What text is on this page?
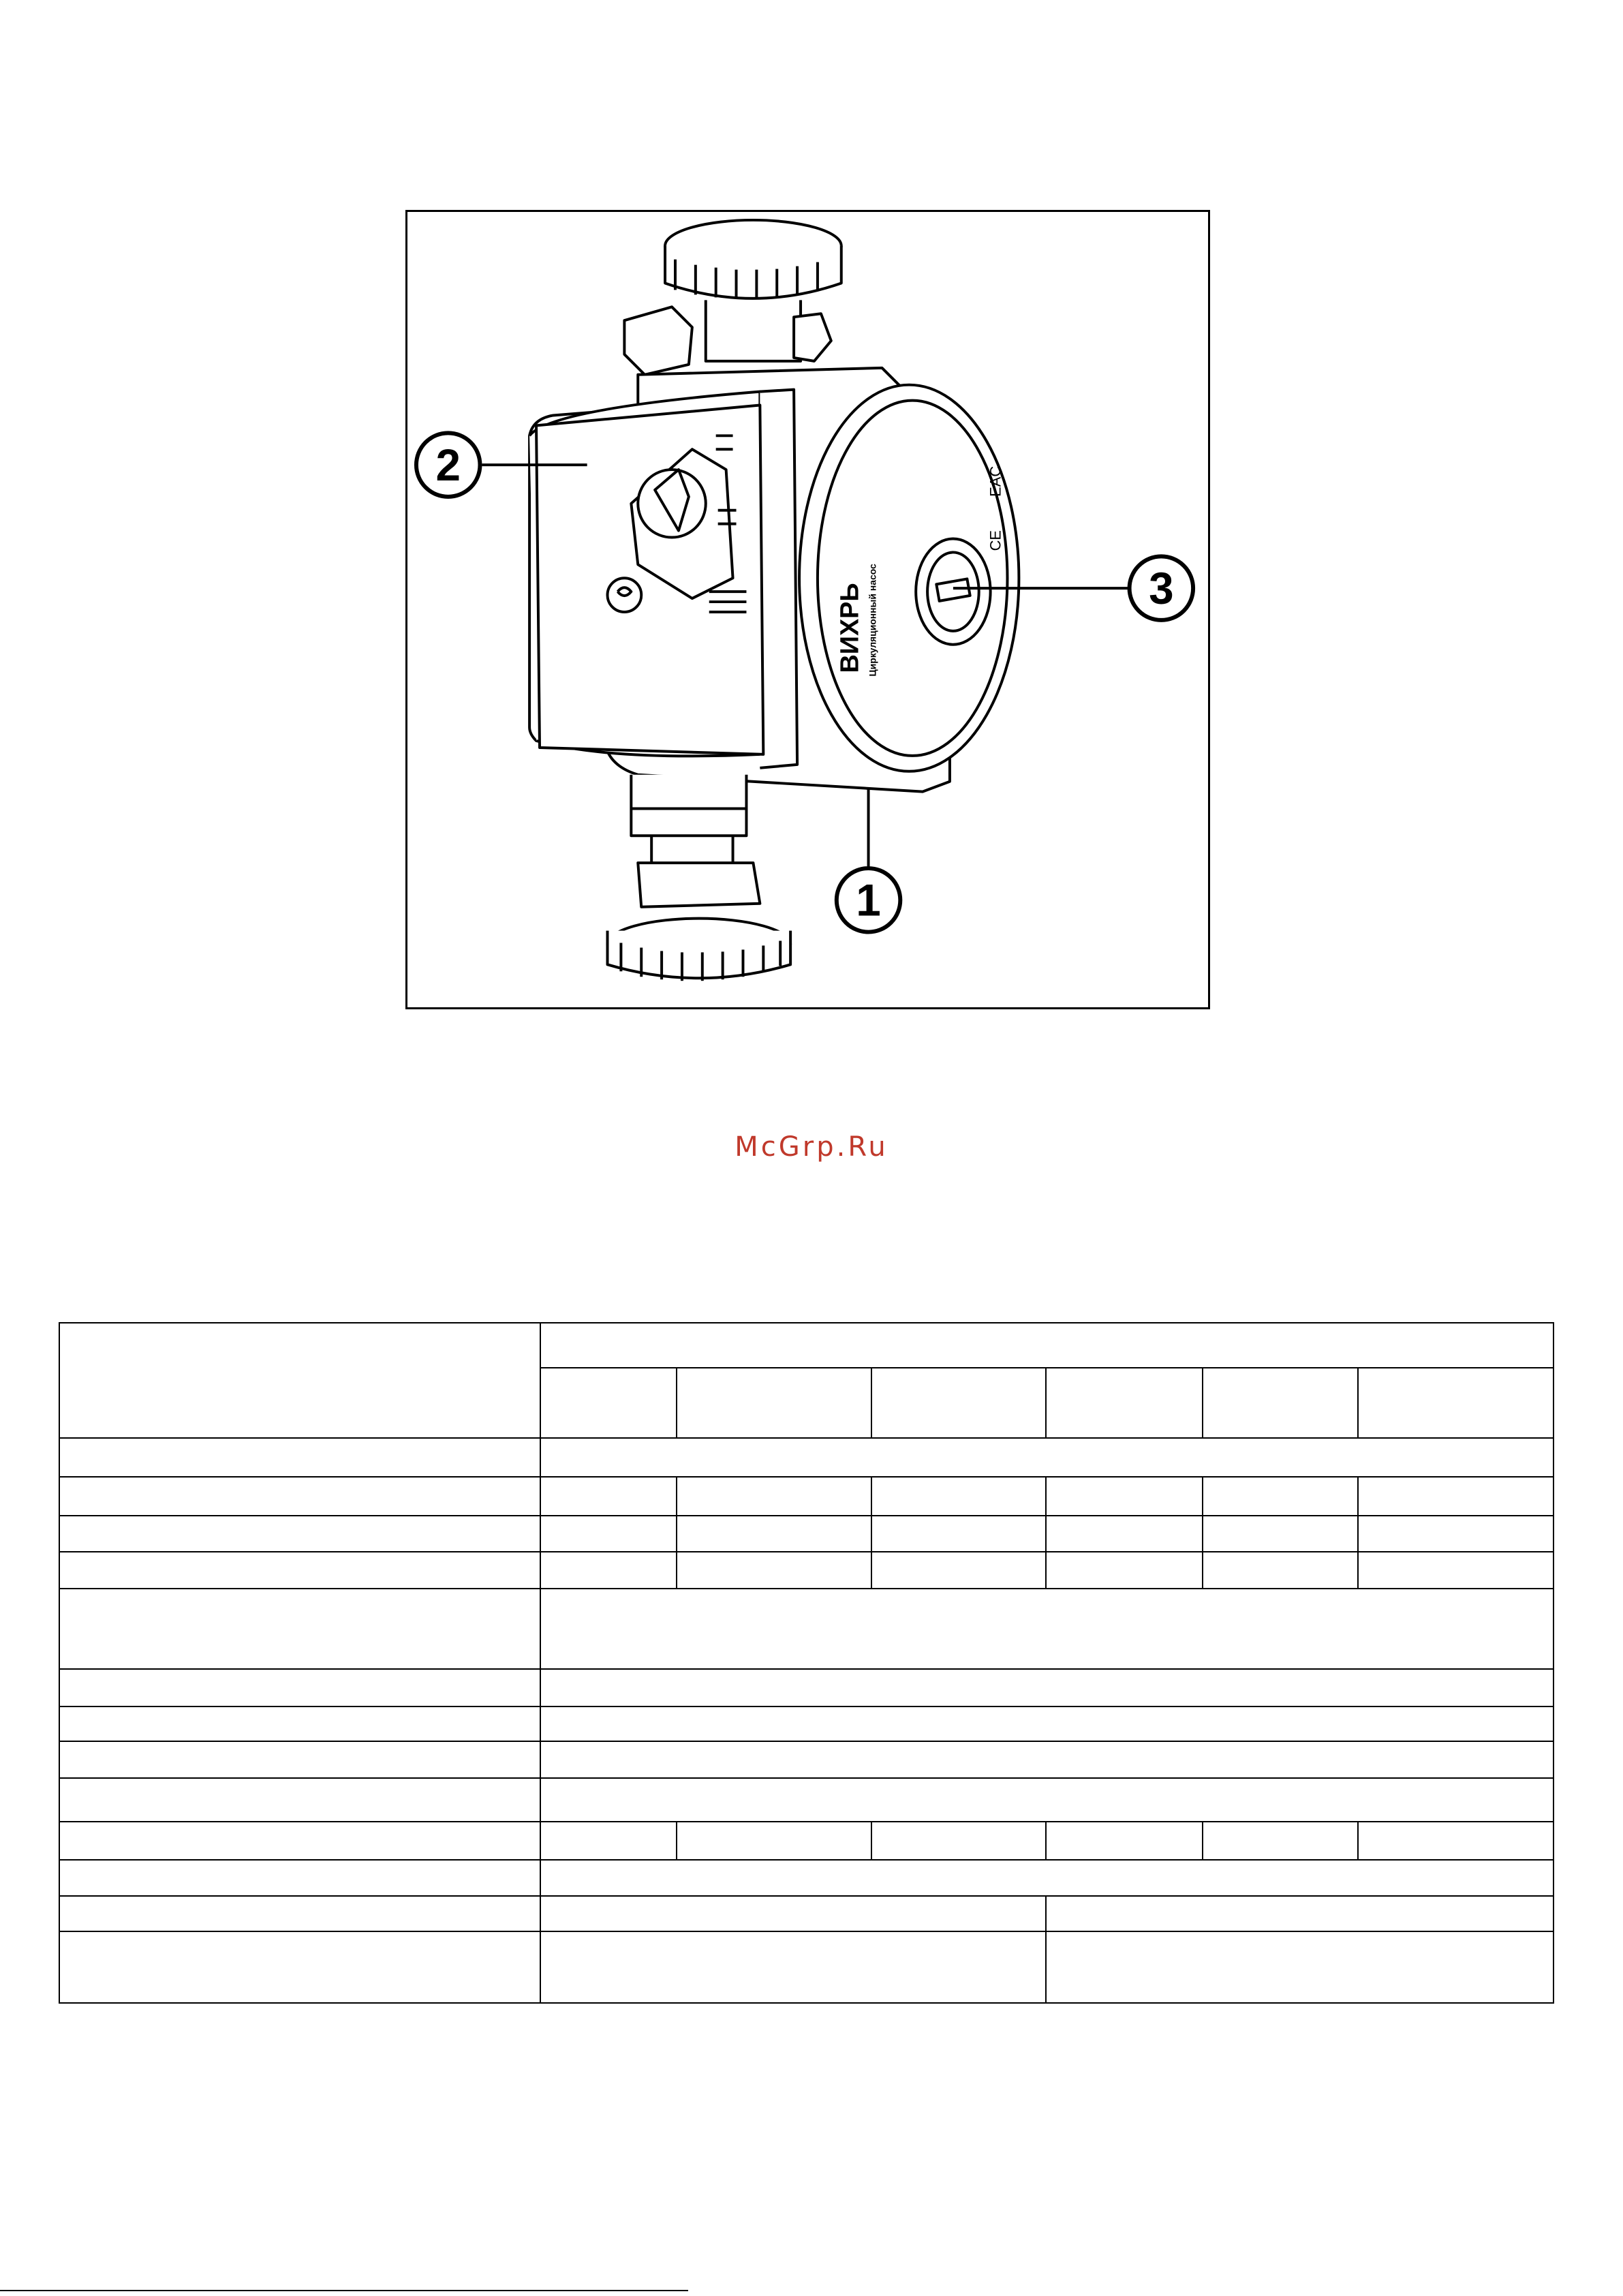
ВИХРЬ Циркуляционный насос
EAC
CE
2
3
1
McGrp.Ru
